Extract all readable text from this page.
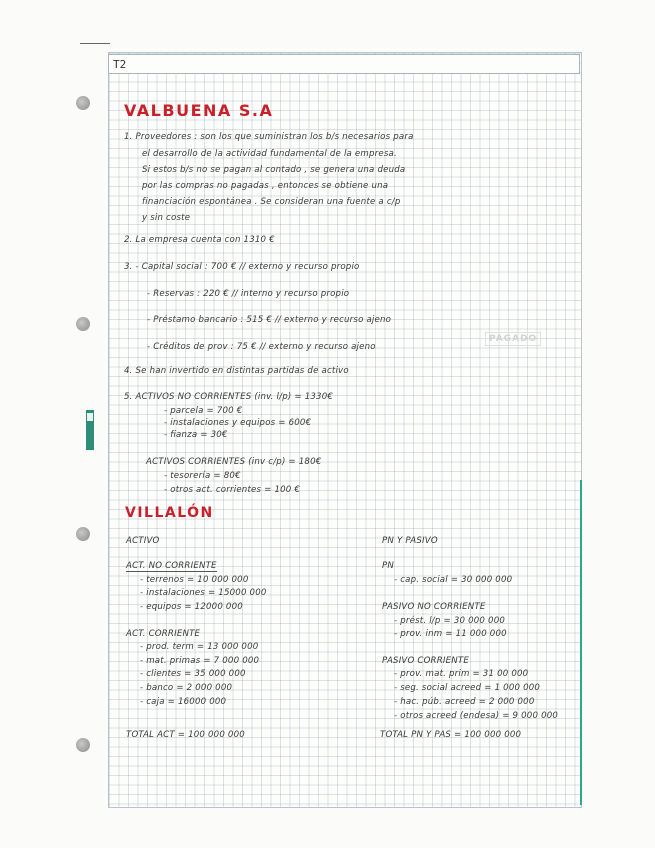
T2
VALBUENA S.A
1. Proveedores : son los que suministran los b/s necesarios para
el desarrollo de la actividad fundamental de la empresa.
Si estos b/s no se pagan al contado , se genera una deuda
por las compras no pagadas , entonces se obtiene una
financiación espontánea . Se consideran una fuente a c/p
y sin coste
2. La empresa cuenta con 1310 €
3. - Capital social : 700 € // externo y recurso propio
- Reservas : 220 € // interno y recurso propio
- Préstamo bancario : 515 € // externo y recurso ajeno
- Créditos de prov : 75 € // externo y recurso ajeno
PAGADO
4. Se han invertido en distintas partidas de activo
5. ACTIVOS NO CORRIENTES (inv. l/p) = 1330€
- parcela = 700 €
- instalaciones y equipos = 600€
- fianza = 30€
ACTIVOS CORRIENTES (inv c/p) = 180€
- tesorería = 80€
- otros act. corrientes = 100 €
VILLALÓN
ACTIVO	PN Y PASIVO
ACT. NO CORRIENTE
- terrenos = 10 000 000
- instalaciones = 15000 000
- equipos = 12000 000
ACT. CORRIENTE
- prod. term = 13 000 000
- mat. primas = 7 000 000
- clientes = 35 000 000
- banco = 2 000 000
- caja = 16000 000
TOTAL ACT = 100 000 000
PN
- cap. social = 30 000 000
PASIVO NO CORRIENTE
- prést. l/p = 30 000 000
- prov. inm = 11 000 000
PASIVO CORRIENTE
- prov. mat. prim = 31 00 000
- seg. social acreed = 1 000 000
- hac. púb. acreed = 2 000 000
- otros acreed (endesa) = 9 000 000
TOTAL PN Y PAS = 100 000 000
